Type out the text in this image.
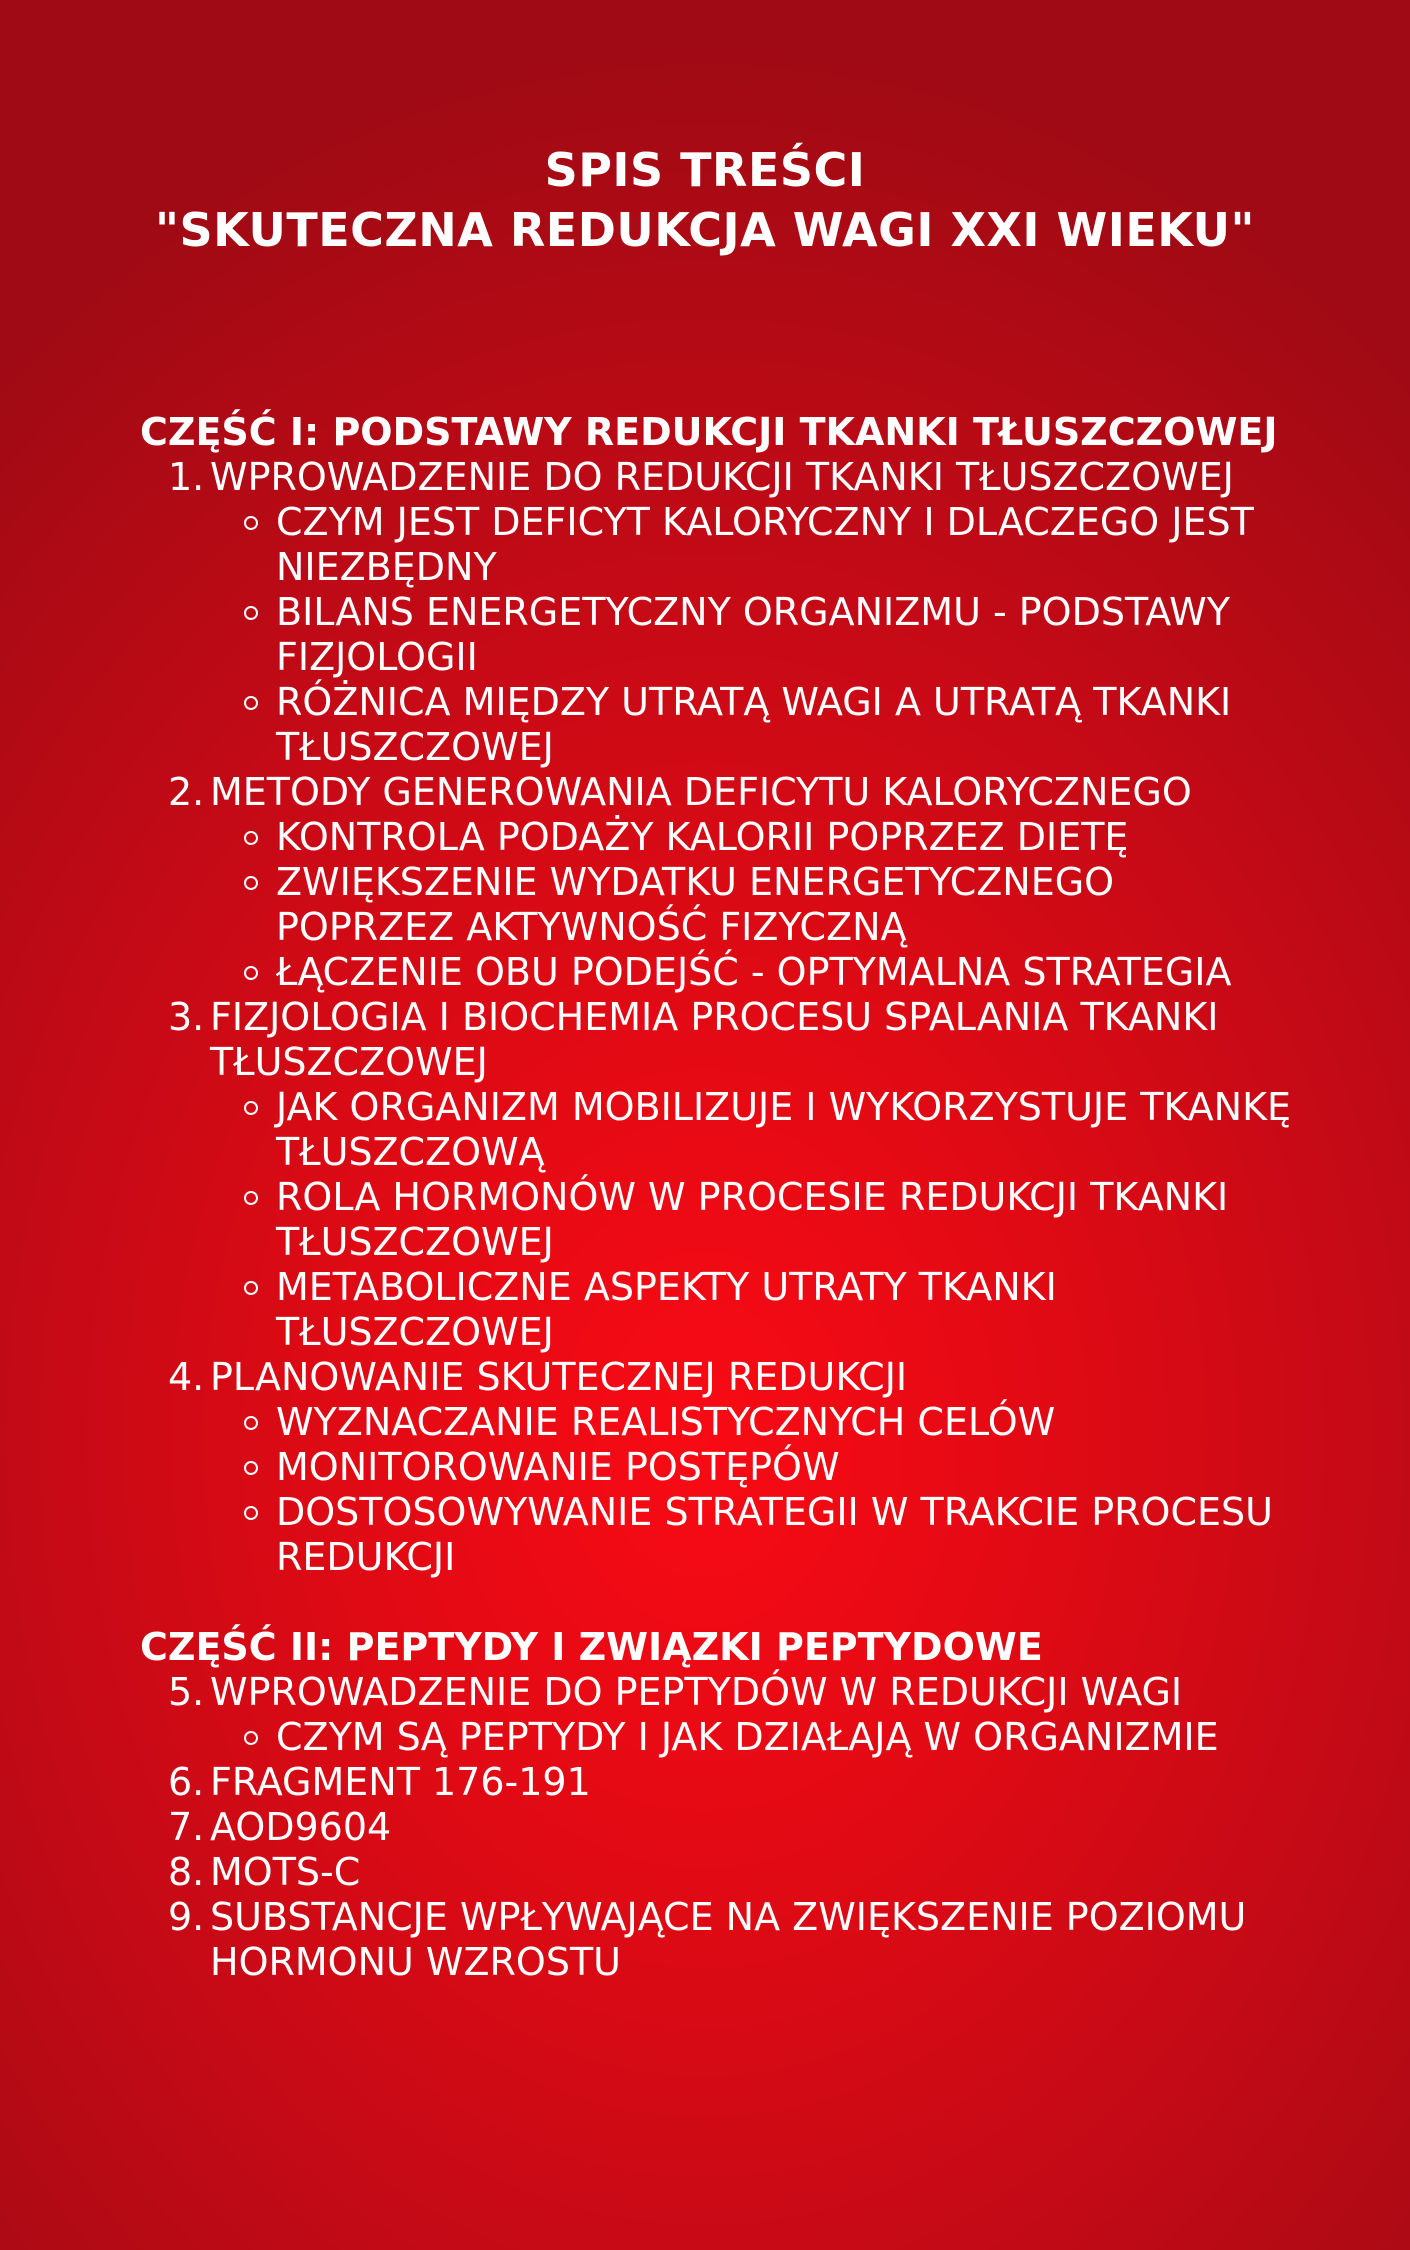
SPIS TREŚCI
"SKUTECZNA REDUKCJA WAGI XXI WIEKU"
CZĘŚĆ I: PODSTAWY REDUKCJI TKANKI TŁUSZCZOWEJ
1. WPROWADZENIE DO REDUKCJI TKANKI TŁUSZCZOWEJ
CZYM JEST DEFICYT KALORYCZNY I DLACZEGO JEST NIEZBĘDNY
BILANS ENERGETYCZNY ORGANIZMU - PODSTAWY FIZJOLOGII
RÓŻNICA MIĘDZY UTRATĄ WAGI A UTRATĄ TKANKI TŁUSZCZOWEJ
2. METODY GENEROWANIA DEFICYTU KALORYCZNEGO
KONTROLA PODAŻY KALORII POPRZEZ DIETĘ
ZWIĘKSZENIE WYDATKU ENERGETYCZNEGO POPRZEZ AKTYWNOŚĆ FIZYCZNĄ
ŁĄCZENIE OBU PODEJŚĆ - OPTYMALNA STRATEGIA
3. FIZJOLOGIA I BIOCHEMIA PROCESU SPALANIA TKANKI TŁUSZCZOWEJ
JAK ORGANIZM MOBILIZUJE I WYKORZYSTUJE TKANKĘ TŁUSZCZOWĄ
ROLA HORMONÓW W PROCESIE REDUKCJI TKANKI TŁUSZCZOWEJ
METABOLICZNE ASPEKTY UTRATY TKANKI TŁUSZCZOWEJ
4. PLANOWANIE SKUTECZNEJ REDUKCJI
WYZNACZANIE REALISTYCZNYCH CELÓW
MONITOROWANIE POSTĘPÓW
DOSTOSOWYWANIE STRATEGII W TRAKCIE PROCESU REDUKCJI
CZĘŚĆ II: PEPTYDY I ZWIĄZKI PEPTYDOWE
5. WPROWADZENIE DO PEPTYDÓW W REDUKCJI WAGI
CZYM SĄ PEPTYDY I JAK DZIAŁAJĄ W ORGANIZMIE
6. FRAGMENT 176-191
7. AOD9604
8. MOTS-C
9. SUBSTANCJE WPŁYWAJĄCE NA ZWIĘKSZENIE POZIOMU HORMONU WZROSTU
